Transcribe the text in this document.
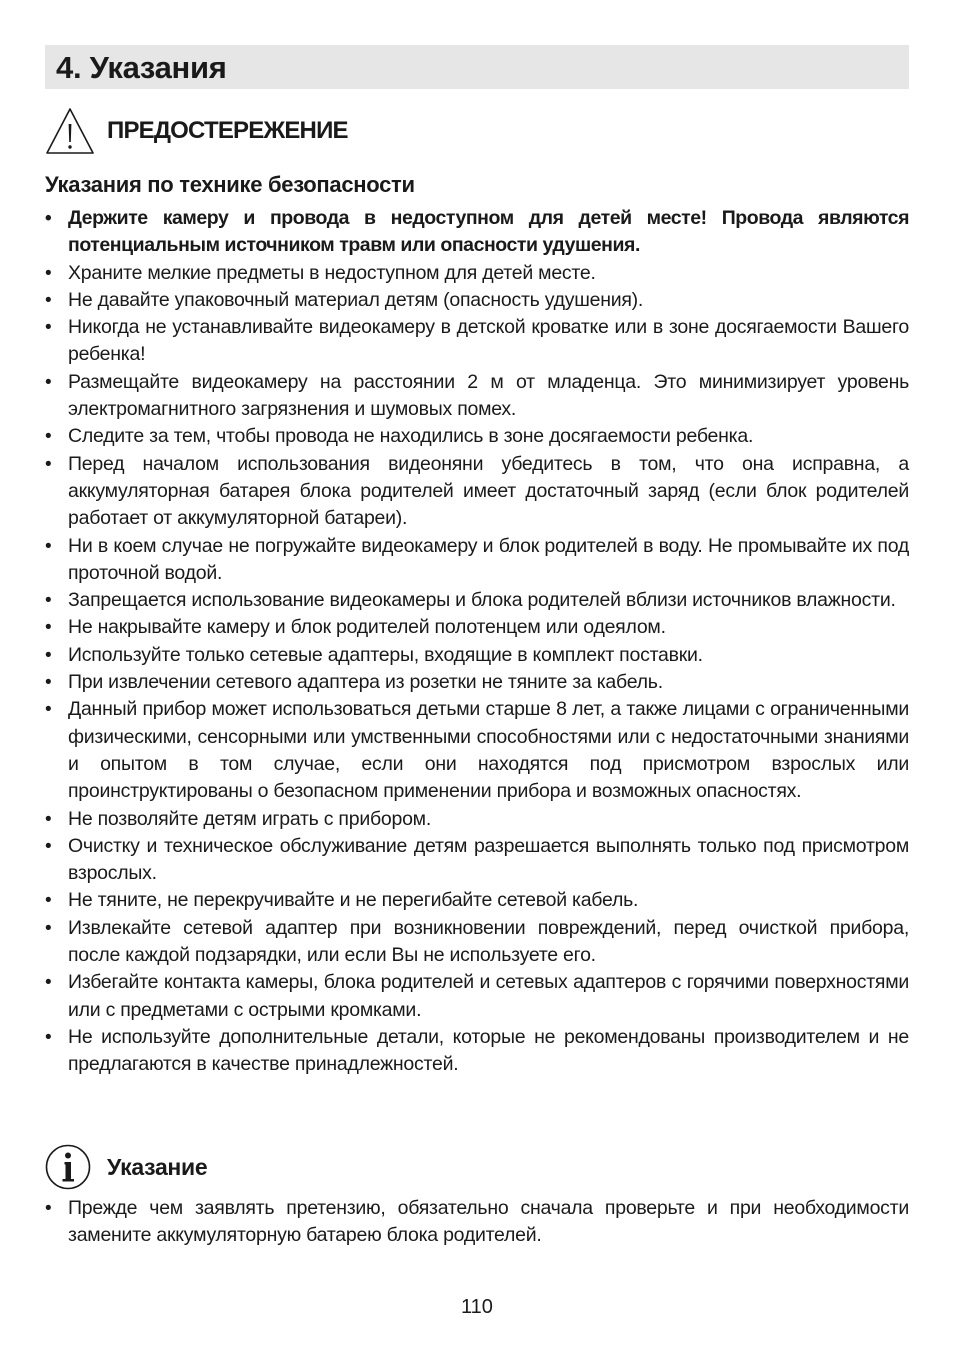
4. Указания
ПРЕДОСТЕРЕЖЕНИЕ
Указания по технике безопасности
• Держите камеру и провода в недоступном для детей месте! Провода являются потенциальным источником травм или опасности удушения.
• Храните мелкие предметы в недоступном для детей месте.
• Не давайте упаковочный материал детям (опасность удушения).
• Никогда не устанавливайте видеокамеру в детской кроватке или в зоне досягаемости Вашего ребенка!
• Размещайте видеокамеру на расстоянии 2 м от младенца. Это минимизирует уровень электромагнитного загрязнения и шумовых помех.
• Следите за тем, чтобы провода не находились в зоне досягаемости ребенка.
• Перед началом использования видеоняни убедитесь в том, что она исправна, а аккумуляторная батарея блока родителей имеет достаточный заряд (если блок родителей работает от аккумуляторной батареи).
• Ни в коем случае не погружайте видеокамеру и блок родителей в воду. Не промывайте их под проточной водой.
• Запрещается использование видеокамеры и блока родителей вблизи источников влажности.
• Не накрывайте камеру и блок родителей полотенцем или одеялом.
• Используйте только сетевые адаптеры, входящие в комплект поставки.
• При извлечении сетевого адаптера из розетки не тяните за кабель.
• Данный прибор может использоваться детьми старше 8 лет, а также лицами с ограниченными физическими, сенсорными или умственными способностями или с недостаточными знаниями и опытом в том случае, если они находятся под присмотром взрослых или проинструктированы о безопасном применении прибора и возможных опасностях.
• Не позволяйте детям играть с прибором.
• Очистку и техническое обслуживание детям разрешается выполнять только под присмотром взрослых.
• Не тяните, не перекручивайте и не перегибайте сетевой кабель.
• Извлекайте сетевой адаптер при возникновении повреждений, перед очисткой прибора, после каждой подзарядки, или если Вы не используете его.
• Избегайте контакта камеры, блока родителей и сетевых адаптеров с горячими поверхностями или с предметами с острыми кромками.
• Не используйте дополнительные детали, которые не рекомендованы производителем и не предлагаются в качестве принадлежностей.
Указание
• Прежде чем заявлять претензию, обязательно сначала проверьте и при необходимости замените аккумуляторную батарею блока родителей.
110
